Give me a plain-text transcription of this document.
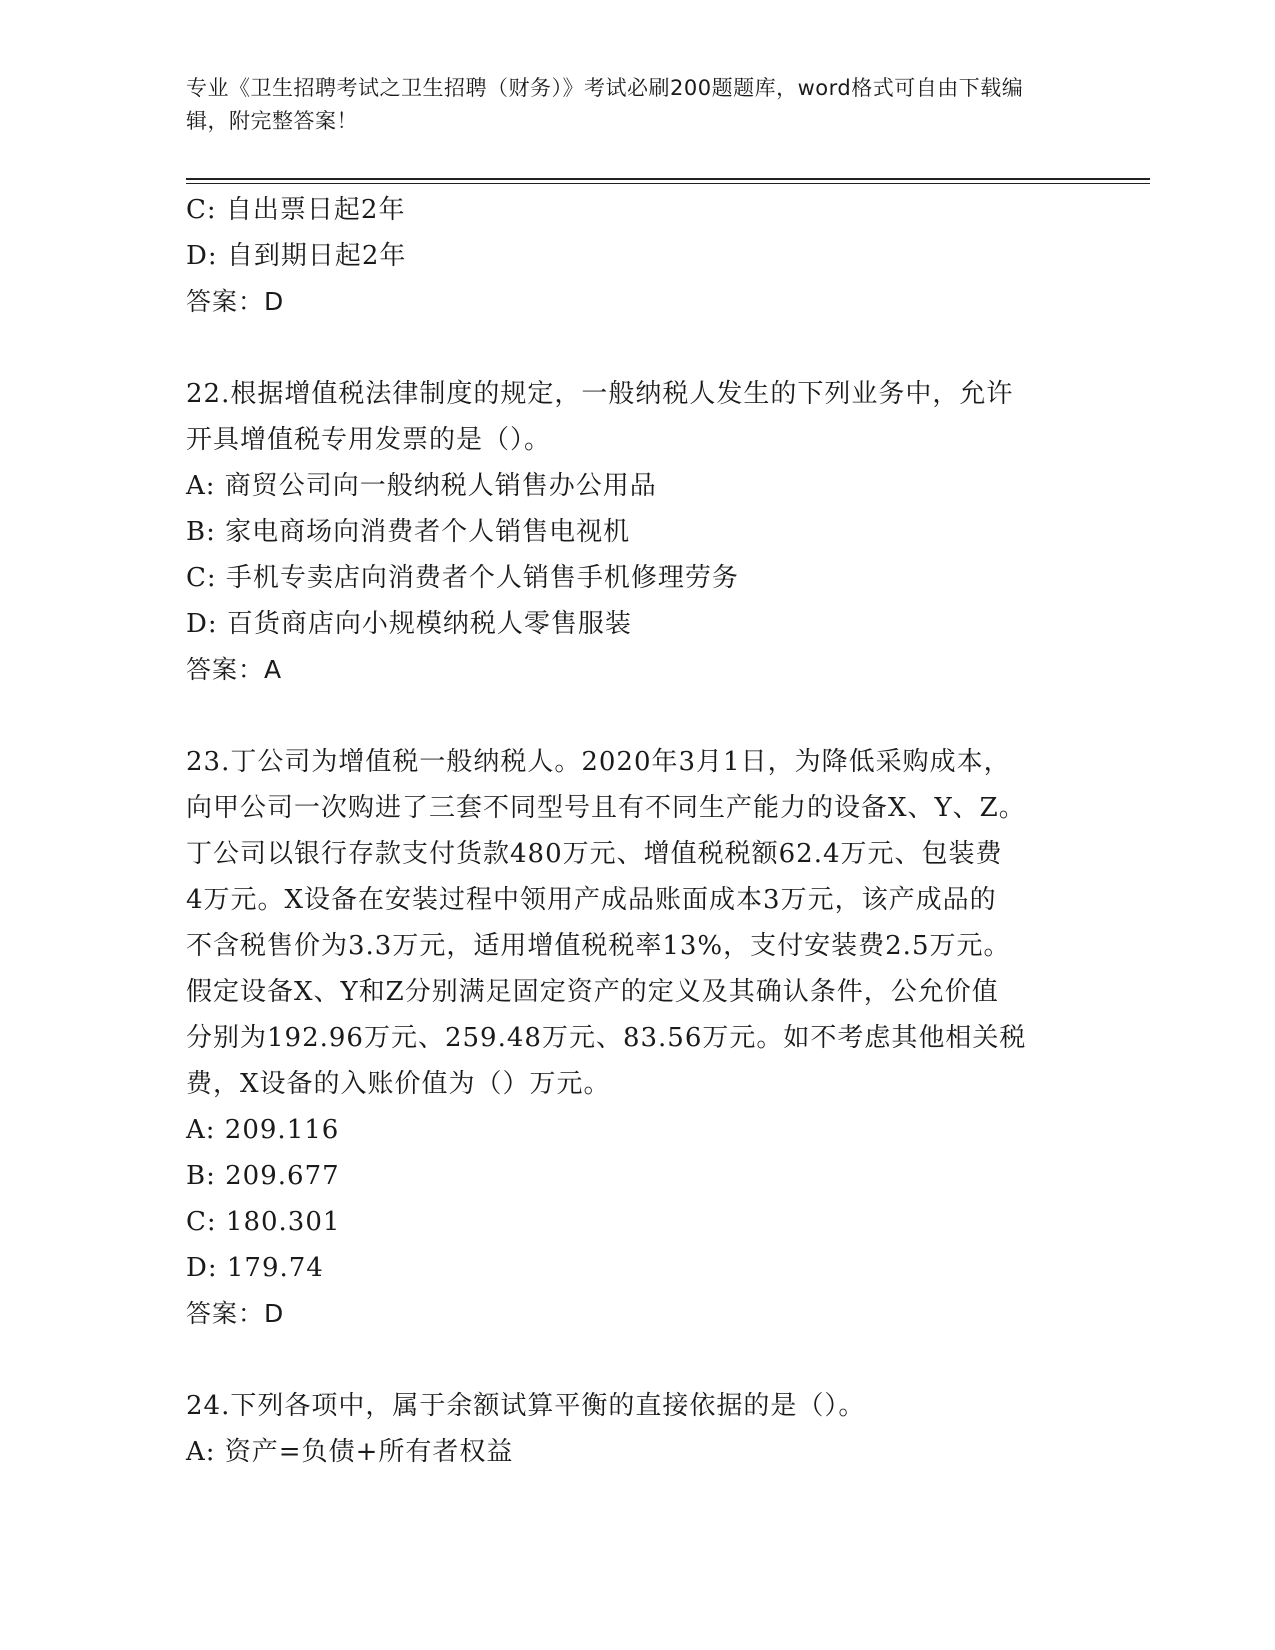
专业《卫生招聘考试之卫生招聘（财务）》考试必刷200题题库，word格式可自由下载编辑，附完整答案！
C: 自出票日起2年
D: 自到期日起2年
答案：D
22.根据增值税法律制度的规定，一般纳税人发生的下列业务中，允许
开具增值税专用发票的是（）。
A: 商贸公司向一般纳税人销售办公用品
B: 家电商场向消费者个人销售电视机
C: 手机专卖店向消费者个人销售手机修理劳务
D: 百货商店向小规模纳税人零售服装
答案：A
23.丁公司为增值税一般纳税人。2020年3月1日，为降低采购成本，
向甲公司一次购进了三套不同型号且有不同生产能力的设备X、Y、Z。
丁公司以银行存款支付货款480万元、增值税税额62.4万元、包装费
4万元。X设备在安装过程中领用产成品账面成本3万元，该产成品的
不含税售价为3.3万元，适用增值税税率13%，支付安装费2.5万元。
假定设备X、Y和Z分别满足固定资产的定义及其确认条件，公允价值
分别为192.96万元、259.48万元、83.56万元。如不考虑其他相关税
费，X设备的入账价值为（）万元。
A: 209.116
B: 209.677
C: 180.301
D: 179.74
答案：D
24.下列各项中，属于余额试算平衡的直接依据的是（）。
A: 资产=负债+所有者权益
